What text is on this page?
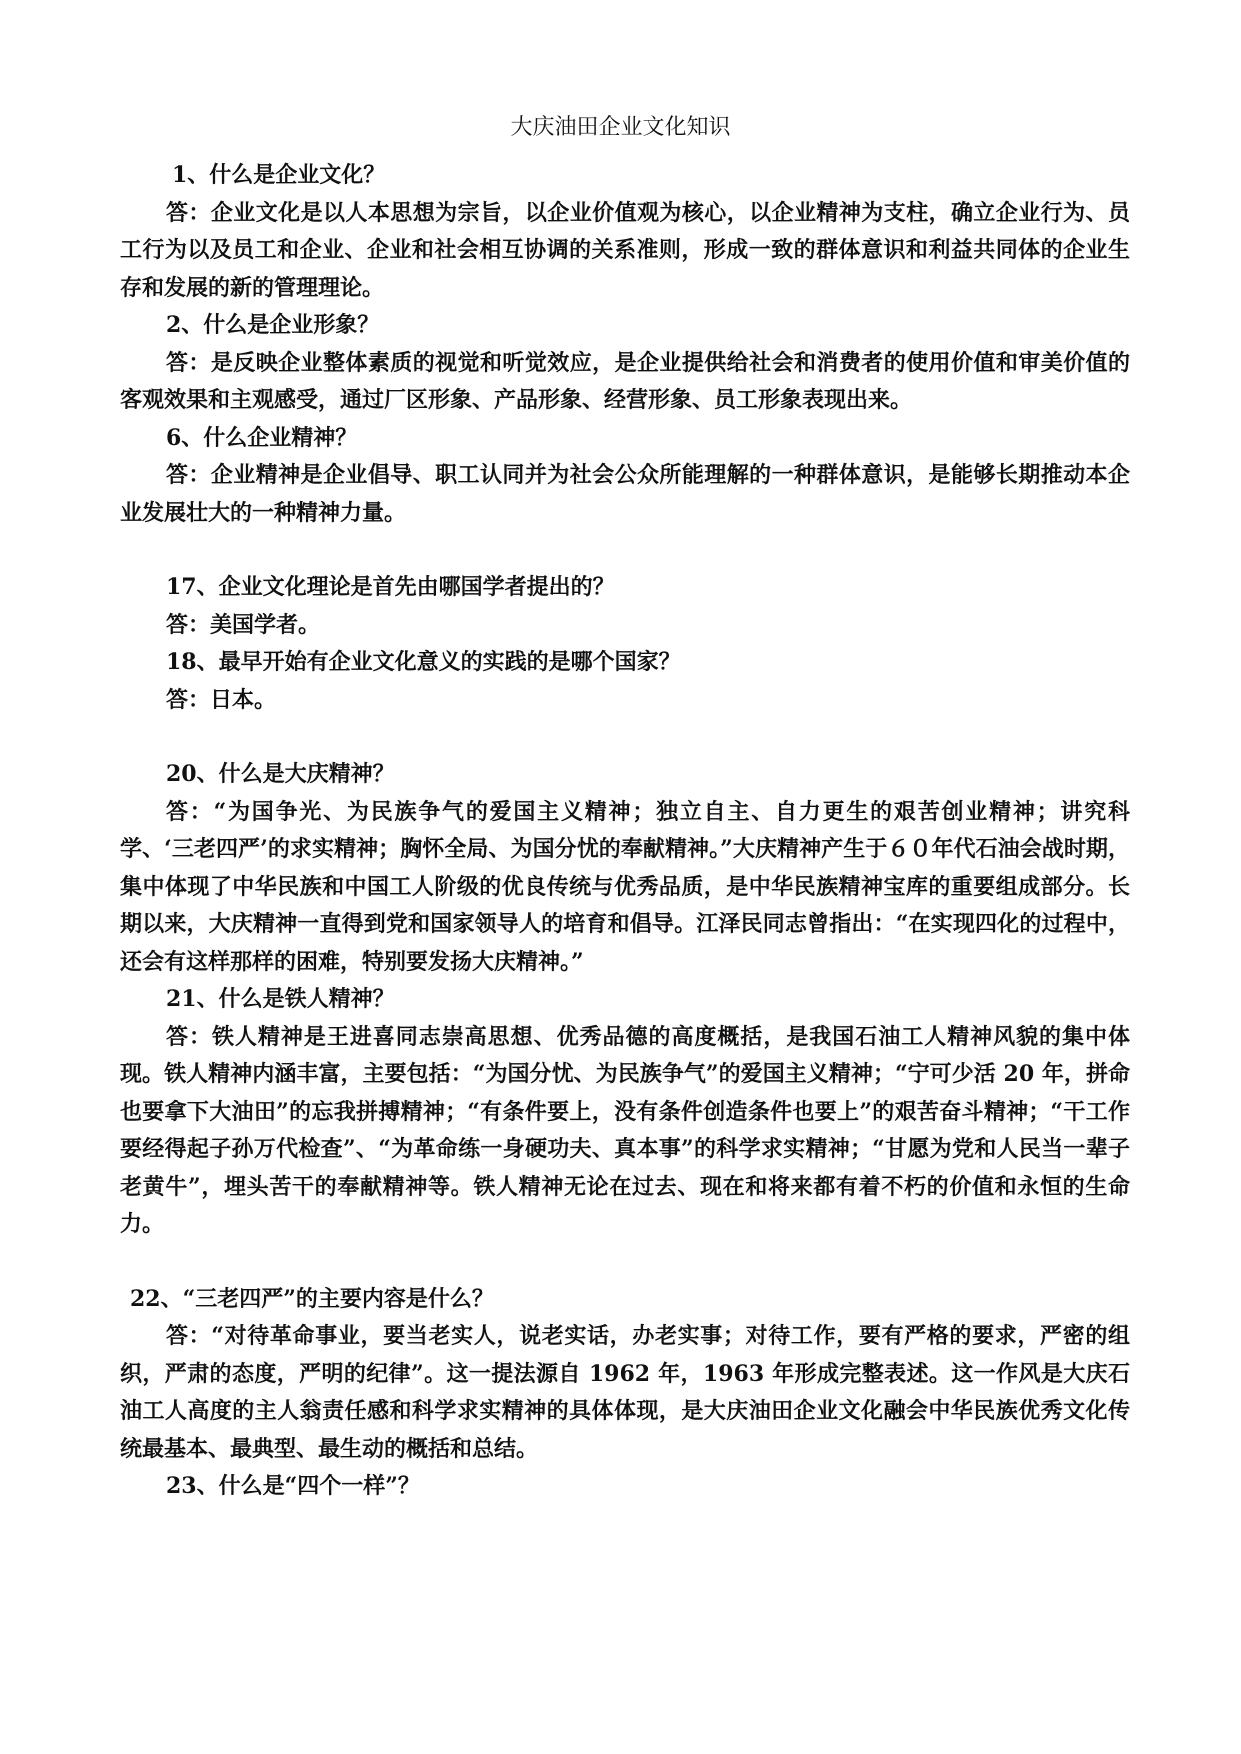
大庆油田企业文化知识

1、什么是企业文化？

答：企业文化是以人本思想为宗旨，以企业价值观为核心，以企业精神为支柱，确立企业行为、员工行为以及员工和企业、企业和社会相互协调的关系准则，形成一致的群体意识和利益共同体的企业生存和发展的新的管理理论。

2、什么是企业形象？

答：是反映企业整体素质的视觉和听觉效应，是企业提供给社会和消费者的使用价值和审美价值的客观效果和主观感受，通过厂区形象、产品形象、经营形象、员工形象表现出来。

6、什么企业精神？

答：企业精神是企业倡导、职工认同并为社会公众所能理解的一种群体意识，是能够长期推动本企业发展壮大的一种精神力量。

17、企业文化理论是首先由哪国学者提出的？

答：美国学者。

18、最早开始有企业文化意义的实践的是哪个国家？

答：日本。

20、什么是大庆精神？

答：“为国争光、为民族争气的爱国主义精神；独立自主、自力更生的艰苦创业精神；讲究科学、‘三老四严’的求实精神；胸怀全局、为国分忧的奉献精神。”大庆精神产生于６０年代石油会战时期，集中体现了中华民族和中国工人阶级的优良传统与优秀品质，是中华民族精神宝库的重要组成部分。长期以来，大庆精神一直得到党和国家领导人的培育和倡导。江泽民同志曾指出：“在实现四化的过程中，还会有这样那样的困难，特别要发扬大庆精神。”

21、什么是铁人精神？

答：铁人精神是王进喜同志崇高思想、优秀品德的高度概括，是我国石油工人精神风貌的集中体现。铁人精神内涵丰富，主要包括：“为国分忧、为民族争气”的爱国主义精神；“宁可少活 20 年，拼命也要拿下大油田”的忘我拼搏精神；“有条件要上，没有条件创造条件也要上”的艰苦奋斗精神；“干工作要经得起子孙万代检查”、“为革命练一身硬功夫、真本事”的科学求实精神；“甘愿为党和人民当一辈子老黄牛”，埋头苦干的奉献精神等。铁人精神无论在过去、现在和将来都有着不朽的价值和永恒的生命力。

22、“三老四严”的主要内容是什么？

答：“对待革命事业，要当老实人，说老实话，办老实事；对待工作，要有严格的要求，严密的组织，严肃的态度，严明的纪律”。这一提法源自 1962 年，1963 年形成完整表述。这一作风是大庆石油工人高度的主人翁责任感和科学求实精神的具体体现，是大庆油田企业文化融会中华民族优秀文化传统最基本、最典型、最生动的概括和总结。

23、什么是“四个一样”？
